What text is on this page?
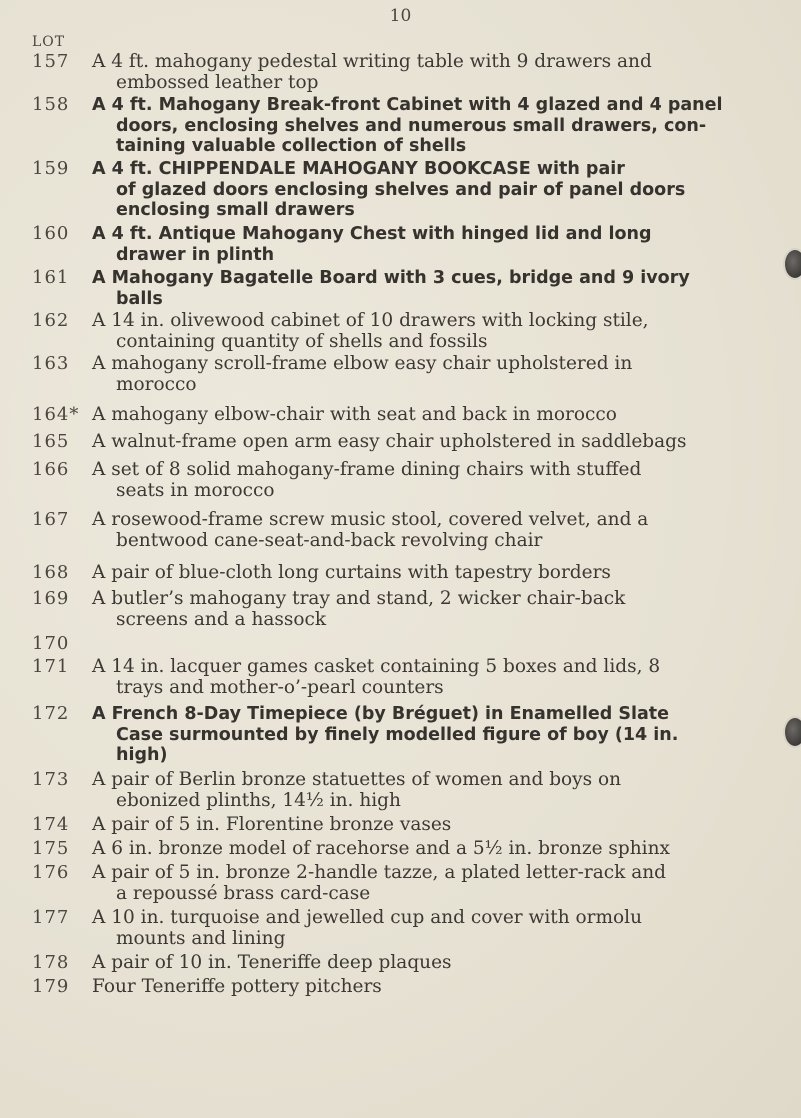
10
LOT
157	A 4 ft. mahogany pedestal writing table with 9 drawers and
embossed leather top
158	A 4 ft. Mahogany Break-front Cabinet with 4 glazed and 4 panel
doors, enclosing shelves and numerous small drawers, con-
taining valuable collection of shells
159	A 4 ft. CHIPPENDALE MAHOGANY BOOKCASE with pair
of glazed doors enclosing shelves and pair of panel doors
enclosing small drawers
160	A 4 ft. Antique Mahogany Chest with hinged lid and long
drawer in plinth
161	A Mahogany Bagatelle Board with 3 cues, bridge and 9 ivory
balls
162	A 14 in. olivewood cabinet of 10 drawers with locking stile,
containing quantity of shells and fossils
163	A mahogany scroll-frame elbow easy chair upholstered in
morocco
164* A mahogany elbow-chair with seat and back in morocco
165	A walnut-frame open arm easy chair upholstered in saddlebags
166	A set of 8 solid mahogany-frame dining chairs with stuffed
seats in morocco
167	A rosewood-frame screw music stool, covered velvet, and a
bentwood cane-seat-and-back revolving chair
168	A pair of blue-cloth long curtains with tapestry borders
169	A butler’s mahogany tray and stand, 2 wicker chair-back
screens and a hassock
170
171	A 14 in. lacquer games casket containing 5 boxes and lids, 8
trays and mother-o’-pearl counters
172	A French 8-Day Timepiece (by Bréguet) in Enamelled Slate
Case surmounted by finely modelled figure of boy (14 in.
high)
173	A pair of Berlin bronze statuettes of women and boys on
ebonized plinths, 14½ in. high
174	A pair of 5 in. Florentine bronze vases
175	A 6 in. bronze model of racehorse and a 5½ in. bronze sphinx
176	A pair of 5 in. bronze 2-handle tazze, a plated letter-rack and
a repoussé brass card-case
177	A 10 in. turquoise and jewelled cup and cover with ormolu
mounts and lining
178	A pair of 10 in. Teneriffe deep plaques
179	Four Teneriffe pottery pitchers
